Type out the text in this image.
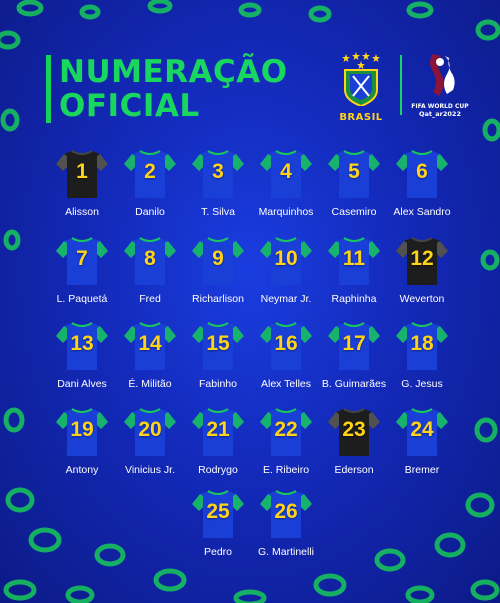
NUMERAÇÃO
OFICIAL	BRASIL
FIFA WORLD CUP
Qat_ar2022
1
Alisson
2
Danilo
3
T. Silva
4
Marquinhos
5
Casemiro
6
Alex Sandro
7
L. Paquetá
8
Fred
9
Richarlison
10
Neymar Jr.
11
Raphinha
12
Weverton
13
Dani Alves
14
É. Militão
15
Fabinho
16
Alex Telles
17
B. Guimarães
18
G. Jesus
19
Antony
20
Vinicius Jr.
21
Rodrygo
22
E. Ribeiro
23
Ederson
24
Bremer
25
Pedro
26
G. Martinelli
